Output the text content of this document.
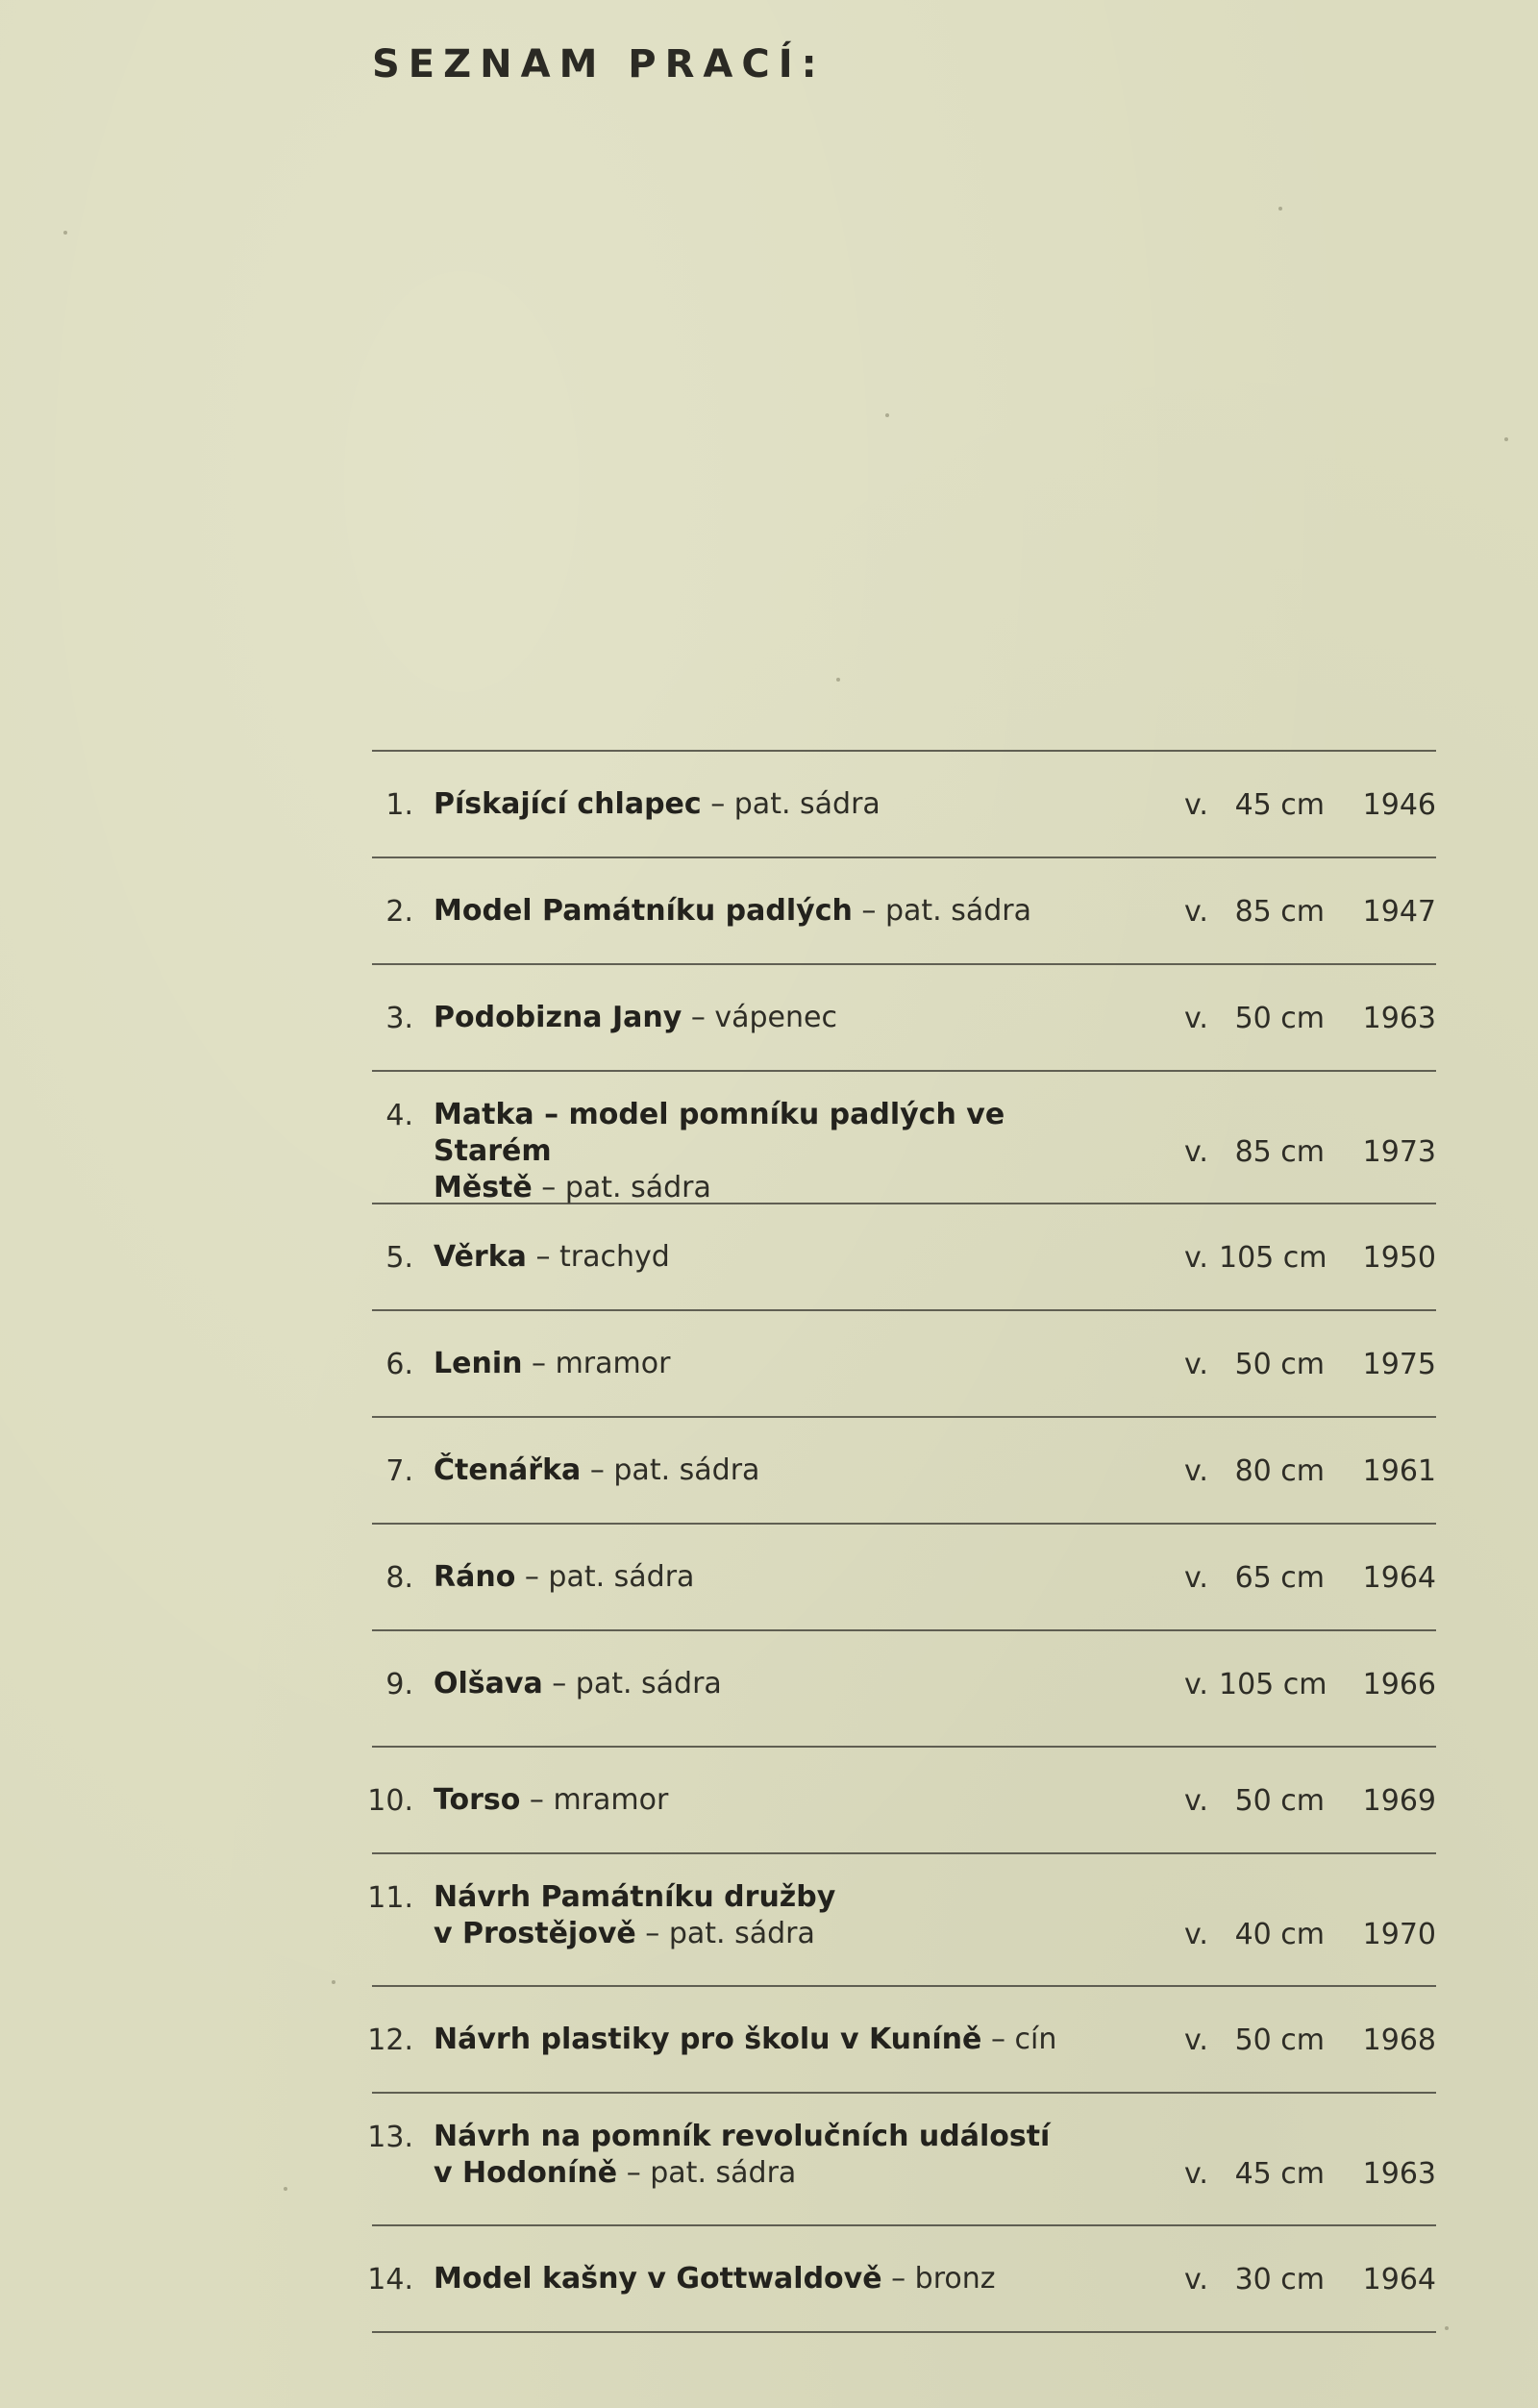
SEZNAM PRACÍ:
1. Pískající chlapec – pat. sádra	v. 45 cm 1946
2. Model Památníku padlých – pat. sádra	v. 85 cm 1947
3. Podobizna Jany – vápenec	v. 50 cm 1963
4. Matka – model pomníku padlých ve Starém
Městě – pat. sádra
v. 85 cm 1973
5. Věrka – trachyd	v. 105 cm 1950
6. Lenin – mramor	v. 50 cm 1975
7. Čtenářka – pat. sádra	v. 80 cm 1961
8. Ráno – pat. sádra	v. 65 cm 1964
9. Olšava – pat. sádra	v. 105 cm 1966
10. Torso – mramor	v. 50 cm 1969
11. Návrh Památníku družby
v Prostějově – pat. sádra	v. 40 cm 1970
12. Návrh plastiky pro školu v Kuníně – cín	v. 50 cm 1968
13. Návrh na pomník revolučních událostí
v Hodoníně – pat. sádra	v. 45 cm 1963
14. Model kašny v Gottwaldově – bronz	v. 30 cm 1964
